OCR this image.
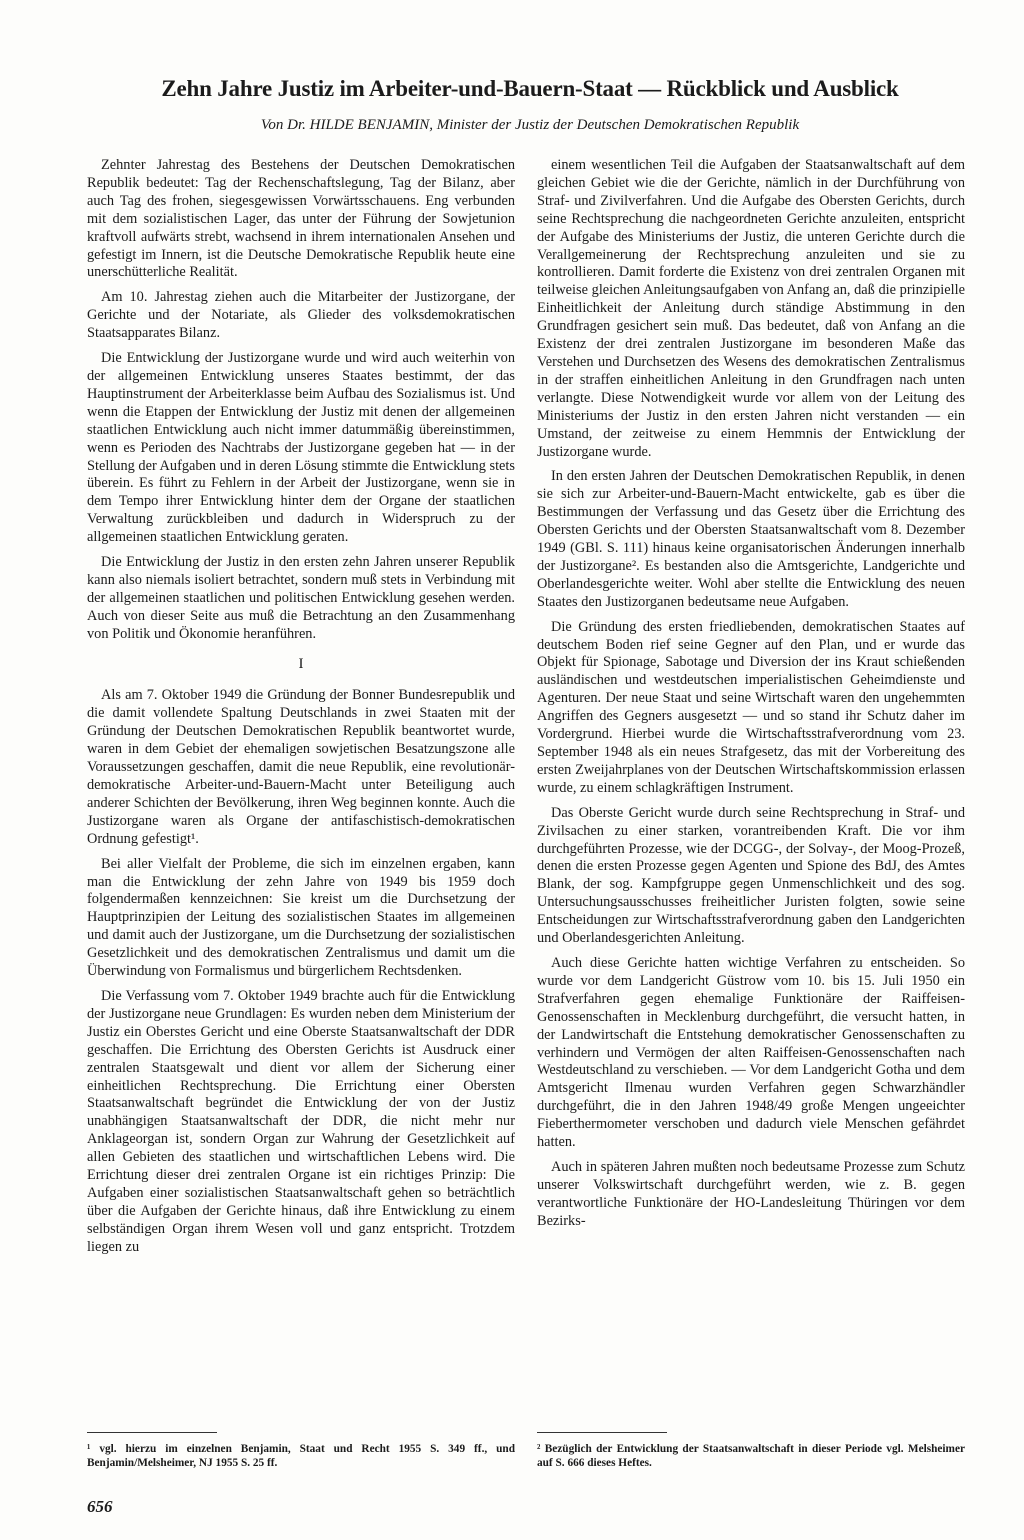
Zehn Jahre Justiz im Arbeiter-und-Bauern-Staat — Rückblick und Ausblick

Von Dr. HILDE BENJAMIN, Minister der Justiz der Deutschen Demokratischen Republik

Zehnter Jahrestag des Bestehens der Deutschen Demokratischen Republik bedeutet: Tag der Rechenschaftslegung, Tag der Bilanz, aber auch Tag des frohen, siegesgewissen Vorwärtsschauens. Eng verbunden mit dem sozialistischen Lager, das unter der Führung der Sowjetunion kraftvoll aufwärts strebt, wachsend in ihrem internationalen Ansehen und gefestigt im Innern, ist die Deutsche Demokratische Republik heute eine unerschütterliche Realität.

Am 10. Jahrestag ziehen auch die Mitarbeiter der Justizorgane, der Gerichte und der Notariate, als Glieder des volksdemokratischen Staatsapparates Bilanz.

Die Entwicklung der Justizorgane wurde und wird auch weiterhin von der allgemeinen Entwicklung unseres Staates bestimmt, der das Hauptinstrument der Arbeiterklasse beim Aufbau des Sozialismus ist. Und wenn die Etappen der Entwicklung der Justiz mit denen der allgemeinen staatlichen Entwicklung auch nicht immer datummäßig übereinstimmen, wenn es Perioden des Nachtrabs der Justizorgane gegeben hat — in der Stellung der Aufgaben und in deren Lösung stimmte die Entwicklung stets überein. Es führt zu Fehlern in der Arbeit der Justizorgane, wenn sie in dem Tempo ihrer Entwicklung hinter dem der Organe der staatlichen Verwaltung zurückbleiben und dadurch in Widerspruch zu der allgemeinen staatlichen Entwicklung geraten.

Die Entwicklung der Justiz in den ersten zehn Jahren unserer Republik kann also niemals isoliert betrachtet, sondern muß stets in Verbindung mit der allgemeinen staatlichen und politischen Entwicklung gesehen werden. Auch von dieser Seite aus muß die Betrachtung an den Zusammenhang von Politik und Ökonomie heranführen.

I

Als am 7. Oktober 1949 die Gründung der Bonner Bundesrepublik und die damit vollendete Spaltung Deutschlands in zwei Staaten mit der Gründung der Deutschen Demokratischen Republik beantwortet wurde, waren in dem Gebiet der ehemaligen sowjetischen Besatzungszone alle Voraussetzungen geschaffen, damit die neue Republik, eine revolutionär-demokratische Arbeiter-und-Bauern-Macht unter Beteiligung auch anderer Schichten der Bevölkerung, ihren Weg beginnen konnte. Auch die Justizorgane waren als Organe der antifaschistisch-demokratischen Ordnung gefestigt¹.

Bei aller Vielfalt der Probleme, die sich im einzelnen ergaben, kann man die Entwicklung der zehn Jahre von 1949 bis 1959 doch folgendermaßen kennzeichnen: Sie kreist um die Durchsetzung der Hauptprinzipien der Leitung des sozialistischen Staates im allgemeinen und damit auch der Justizorgane, um die Durchsetzung der sozialistischen Gesetzlichkeit und des demokratischen Zentralismus und damit um die Überwindung von Formalismus und bürgerlichem Rechtsdenken.

Die Verfassung vom 7. Oktober 1949 brachte auch für die Entwicklung der Justizorgane neue Grundlagen: Es wurden neben dem Ministerium der Justiz ein Oberstes Gericht und eine Oberste Staatsanwaltschaft der DDR geschaffen. Die Errichtung des Obersten Gerichts ist Ausdruck einer zentralen Staatsgewalt und dient vor allem der Sicherung einer einheitlichen Rechtsprechung. Die Errichtung einer Obersten Staatsanwaltschaft begründet die Entwicklung der von der Justiz unabhängigen Staatsanwaltschaft der DDR, die nicht mehr nur Anklageorgan ist, sondern Organ zur Wahrung der Gesetzlichkeit auf allen Gebieten des staatlichen und wirtschaftlichen Lebens wird. Die Errichtung dieser drei zentralen Organe ist ein richtiges Prinzip: Die Aufgaben einer sozialistischen Staatsanwaltschaft gehen so beträchtlich über die Aufgaben der Gerichte hinaus, daß ihre Entwicklung zu einem selbständigen Organ ihrem Wesen voll und ganz entspricht. Trotzdem liegen zu

einem wesentlichen Teil die Aufgaben der Staatsanwaltschaft auf dem gleichen Gebiet wie die der Gerichte, nämlich in der Durchführung von Straf- und Zivilverfahren. Und die Aufgabe des Obersten Gerichts, durch seine Rechtsprechung die nachgeordneten Gerichte anzuleiten, entspricht der Aufgabe des Ministeriums der Justiz, die unteren Gerichte durch die Verallgemeinerung der Rechtsprechung anzuleiten und sie zu kontrollieren. Damit forderte die Existenz von drei zentralen Organen mit teilweise gleichen Anleitungsaufgaben von Anfang an, daß die prinzipielle Einheitlichkeit der Anleitung durch ständige Abstimmung in den Grundfragen gesichert sein muß. Das bedeutet, daß von Anfang an die Existenz der drei zentralen Justizorgane im besonderen Maße das Verstehen und Durchsetzen des Wesens des demokratischen Zentralismus in der straffen einheitlichen Anleitung in den Grundfragen nach unten verlangte. Diese Notwendigkeit wurde vor allem von der Leitung des Ministeriums der Justiz in den ersten Jahren nicht verstanden — ein Umstand, der zeitweise zu einem Hemmnis der Entwicklung der Justizorgane wurde.

In den ersten Jahren der Deutschen Demokratischen Republik, in denen sie sich zur Arbeiter-und-Bauern-Macht entwickelte, gab es über die Bestimmungen der Verfassung und das Gesetz über die Errichtung des Obersten Gerichts und der Obersten Staatsanwaltschaft vom 8. Dezember 1949 (GBl. S. 111) hinaus keine organisatorischen Änderungen innerhalb der Justizorgane². Es bestanden also die Amtsgerichte, Landgerichte und Oberlandesgerichte weiter. Wohl aber stellte die Entwicklung des neuen Staates den Justizorganen bedeutsame neue Aufgaben.

Die Gründung des ersten friedliebenden, demokratischen Staates auf deutschem Boden rief seine Gegner auf den Plan, und er wurde das Objekt für Spionage, Sabotage und Diversion der ins Kraut schießenden ausländischen und westdeutschen imperialistischen Geheimdienste und Agenturen. Der neue Staat und seine Wirtschaft waren den ungehemmten Angriffen des Gegners ausgesetzt — und so stand ihr Schutz daher im Vordergrund. Hierbei wurde die Wirtschaftsstrafverordnung vom 23. September 1948 als ein neues Strafgesetz, das mit der Vorbereitung des ersten Zweijahrplanes von der Deutschen Wirtschaftskommission erlassen wurde, zu einem schlagkräftigen Instrument.

Das Oberste Gericht wurde durch seine Rechtsprechung in Straf- und Zivilsachen zu einer starken, vorantreibenden Kraft. Die vor ihm durchgeführten Prozesse, wie der DCGG-, der Solvay-, der Moog-Prozeß, denen die ersten Prozesse gegen Agenten und Spione des BdJ, des Amtes Blank, der sog. Kampfgruppe gegen Unmenschlichkeit und des sog. Untersuchungsausschusses freiheitlicher Juristen folgten, sowie seine Entscheidungen zur Wirtschaftsstrafverordnung gaben den Landgerichten und Oberlandesgerichten Anleitung.

Auch diese Gerichte hatten wichtige Verfahren zu entscheiden. So wurde vor dem Landgericht Güstrow vom 10. bis 15. Juli 1950 ein Strafverfahren gegen ehemalige Funktionäre der Raiffeisen-Genossenschaften in Mecklenburg durchgeführt, die versucht hatten, in der Landwirtschaft die Entstehung demokratischer Genossenschaften zu verhindern und Vermögen der alten Raiffeisen-Genossenschaften nach Westdeutschland zu verschieben. — Vor dem Landgericht Gotha und dem Amtsgericht Ilmenau wurden Verfahren gegen Schwarzhändler durchgeführt, die in den Jahren 1948/49 große Mengen ungeeichter Fieberthermometer verschoben und dadurch viele Menschen gefährdet hatten.

Auch in späteren Jahren mußten noch bedeutsame Prozesse zum Schutz unserer Volkswirtschaft durchgeführt werden, wie z. B. gegen verantwortliche Funktionäre der HO-Landesleitung Thüringen vor dem Bezirks-

¹ vgl. hierzu im einzelnen Benjamin, Staat und Recht 1955 S. 349 ff., und Benjamin/Melsheimer, NJ 1955 S. 25 ff.

² Bezüglich der Entwicklung der Staatsanwaltschaft in dieser Periode vgl. Melsheimer auf S. 666 dieses Heftes.

656
